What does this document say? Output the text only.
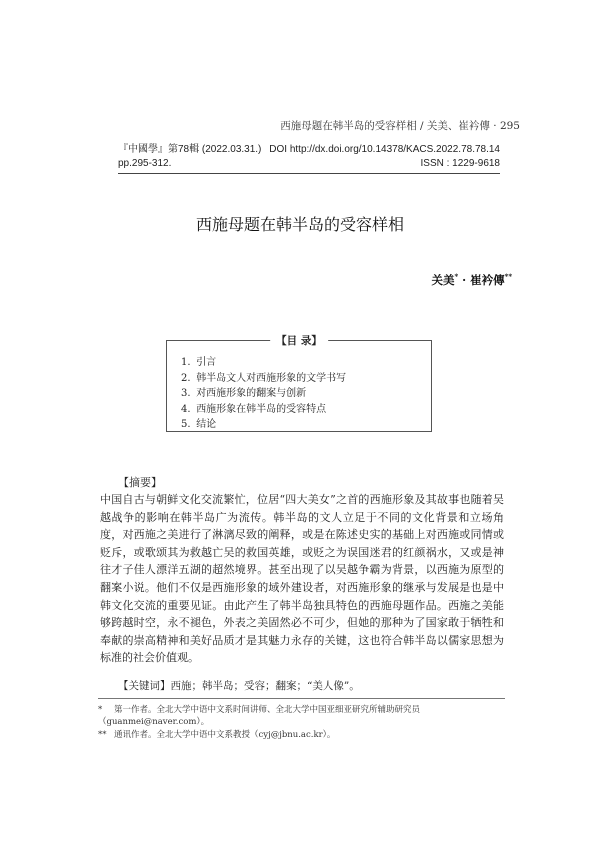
西施母题在韩半岛的受容样相 / 关美、崔衿傳 · 295
『中國學』第78輯 (2022.03.31.) DOI http://dx.doi.org/10.14378/KACS.2022.78.78.14
pp.295-312.	ISSN : 1229-9618
西施母题在韩半岛的受容样相
关美* · 崔衿傳**
【目 录】
1. 引言
2. 韩半岛文人对西施形象的文学书写
3. 对西施形象的翻案与创新
4. 西施形象在韩半岛的受容特点
5. 结论
【摘要】

中国自古与朝鲜文化交流繁忙，位居“四大美女”之首的西施形象及其故事也随着吴越战争的影响在韩半岛广为流传。韩半岛的文人立足于不同的文化背景和立场角度，对西施之美进行了淋漓尽致的阐释，或是在陈述史实的基础上对西施或同情或贬斥，或歌颂其为救越亡吴的救国英雄，或贬之为误国迷君的红颜祸水，又或是神往才子佳人漂洋五湖的超然境界。甚至出现了以吴越争霸为背景，以西施为原型的翻案小说。他们不仅是西施形象的域外建设者，对西施形象的继承与发展是也是中韩文化交流的重要见证。由此产生了韩半岛独具特色的西施母题作品。西施之美能够跨越时空，永不褪色，外表之美固然必不可少，但她的那种为了国家敢于牺牲和奉献的崇高精神和美好品质才是其魅力永存的关键，这也符合韩半岛以儒家思想为标准的社会价值观。

【关键词】西施；韩半岛；受容；翻案；“美人像”。
* 第一作者。全北大学中语中文系时间讲师、全北大学中国亚细亚研究所辅助研究员（guanmei@naver.com）。
** 通讯作者。全北大学中语中文系教授（cyj@jbnu.ac.kr）。
